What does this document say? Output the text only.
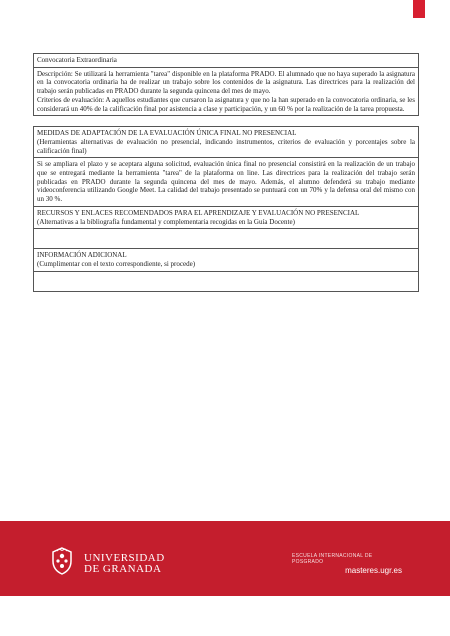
Convocatoria Extraordinaria

Descripción: Se utilizará la herramienta "tarea" disponible en la plataforma PRADO. El alumnado que no haya superado la asignatura en la convocatoria ordinaria ha de realizar un trabajo sobre los contenidos de la asignatura. Las directrices para la realización del trabajo serán publicadas en PRADO durante la segunda quincena del mes de mayo.
Criterios de evaluación: A aquellos estudiantes que cursaron la asignatura y que no la han superado en la convocatoria ordinaria, se les considerará un 40% de la calificación final por asistencia a clase y participación, y un 60 % por la realización de la tarea propuesta.
MEDIDAS DE ADAPTACIÓN DE LA EVALUACIÓN ÚNICA FINAL NO PRESENCIAL
(Herramientas alternativas de evaluación no presencial, indicando instrumentos, criterios de evaluación y porcentajes sobre la calificación final)

Si se ampliara el plazo y se aceptara alguna solicitud, evaluación única final no presencial consistirá en la realización de un trabajo que se entregará mediante la herramienta "tarea" de la plataforma on line. Las directrices para la realización del trabajo serán publicadas en PRADO durante la segunda quincena del mes de mayo. Además, el alumno defenderá su trabajo mediante videoconferencia utilizando Google Meet. La calidad del trabajo presentado se puntuará con un 70% y la defensa oral del mismo con un 30 %.

RECURSOS Y ENLACES RECOMENDADOS PARA EL APRENDIZAJE Y EVALUACIÓN NO PRESENCIAL
(Alternativas a la bibliografía fundamental y complementaria recogidas en la Guía Docente)

INFORMACIÓN ADICIONAL
(Cumplimentar con el texto correspondiente, si procede)

UNIVERSIDAD
DE GRANADA
ESCUELA INTERNACIONAL DE POSGRADO
masteres.ugr.es
